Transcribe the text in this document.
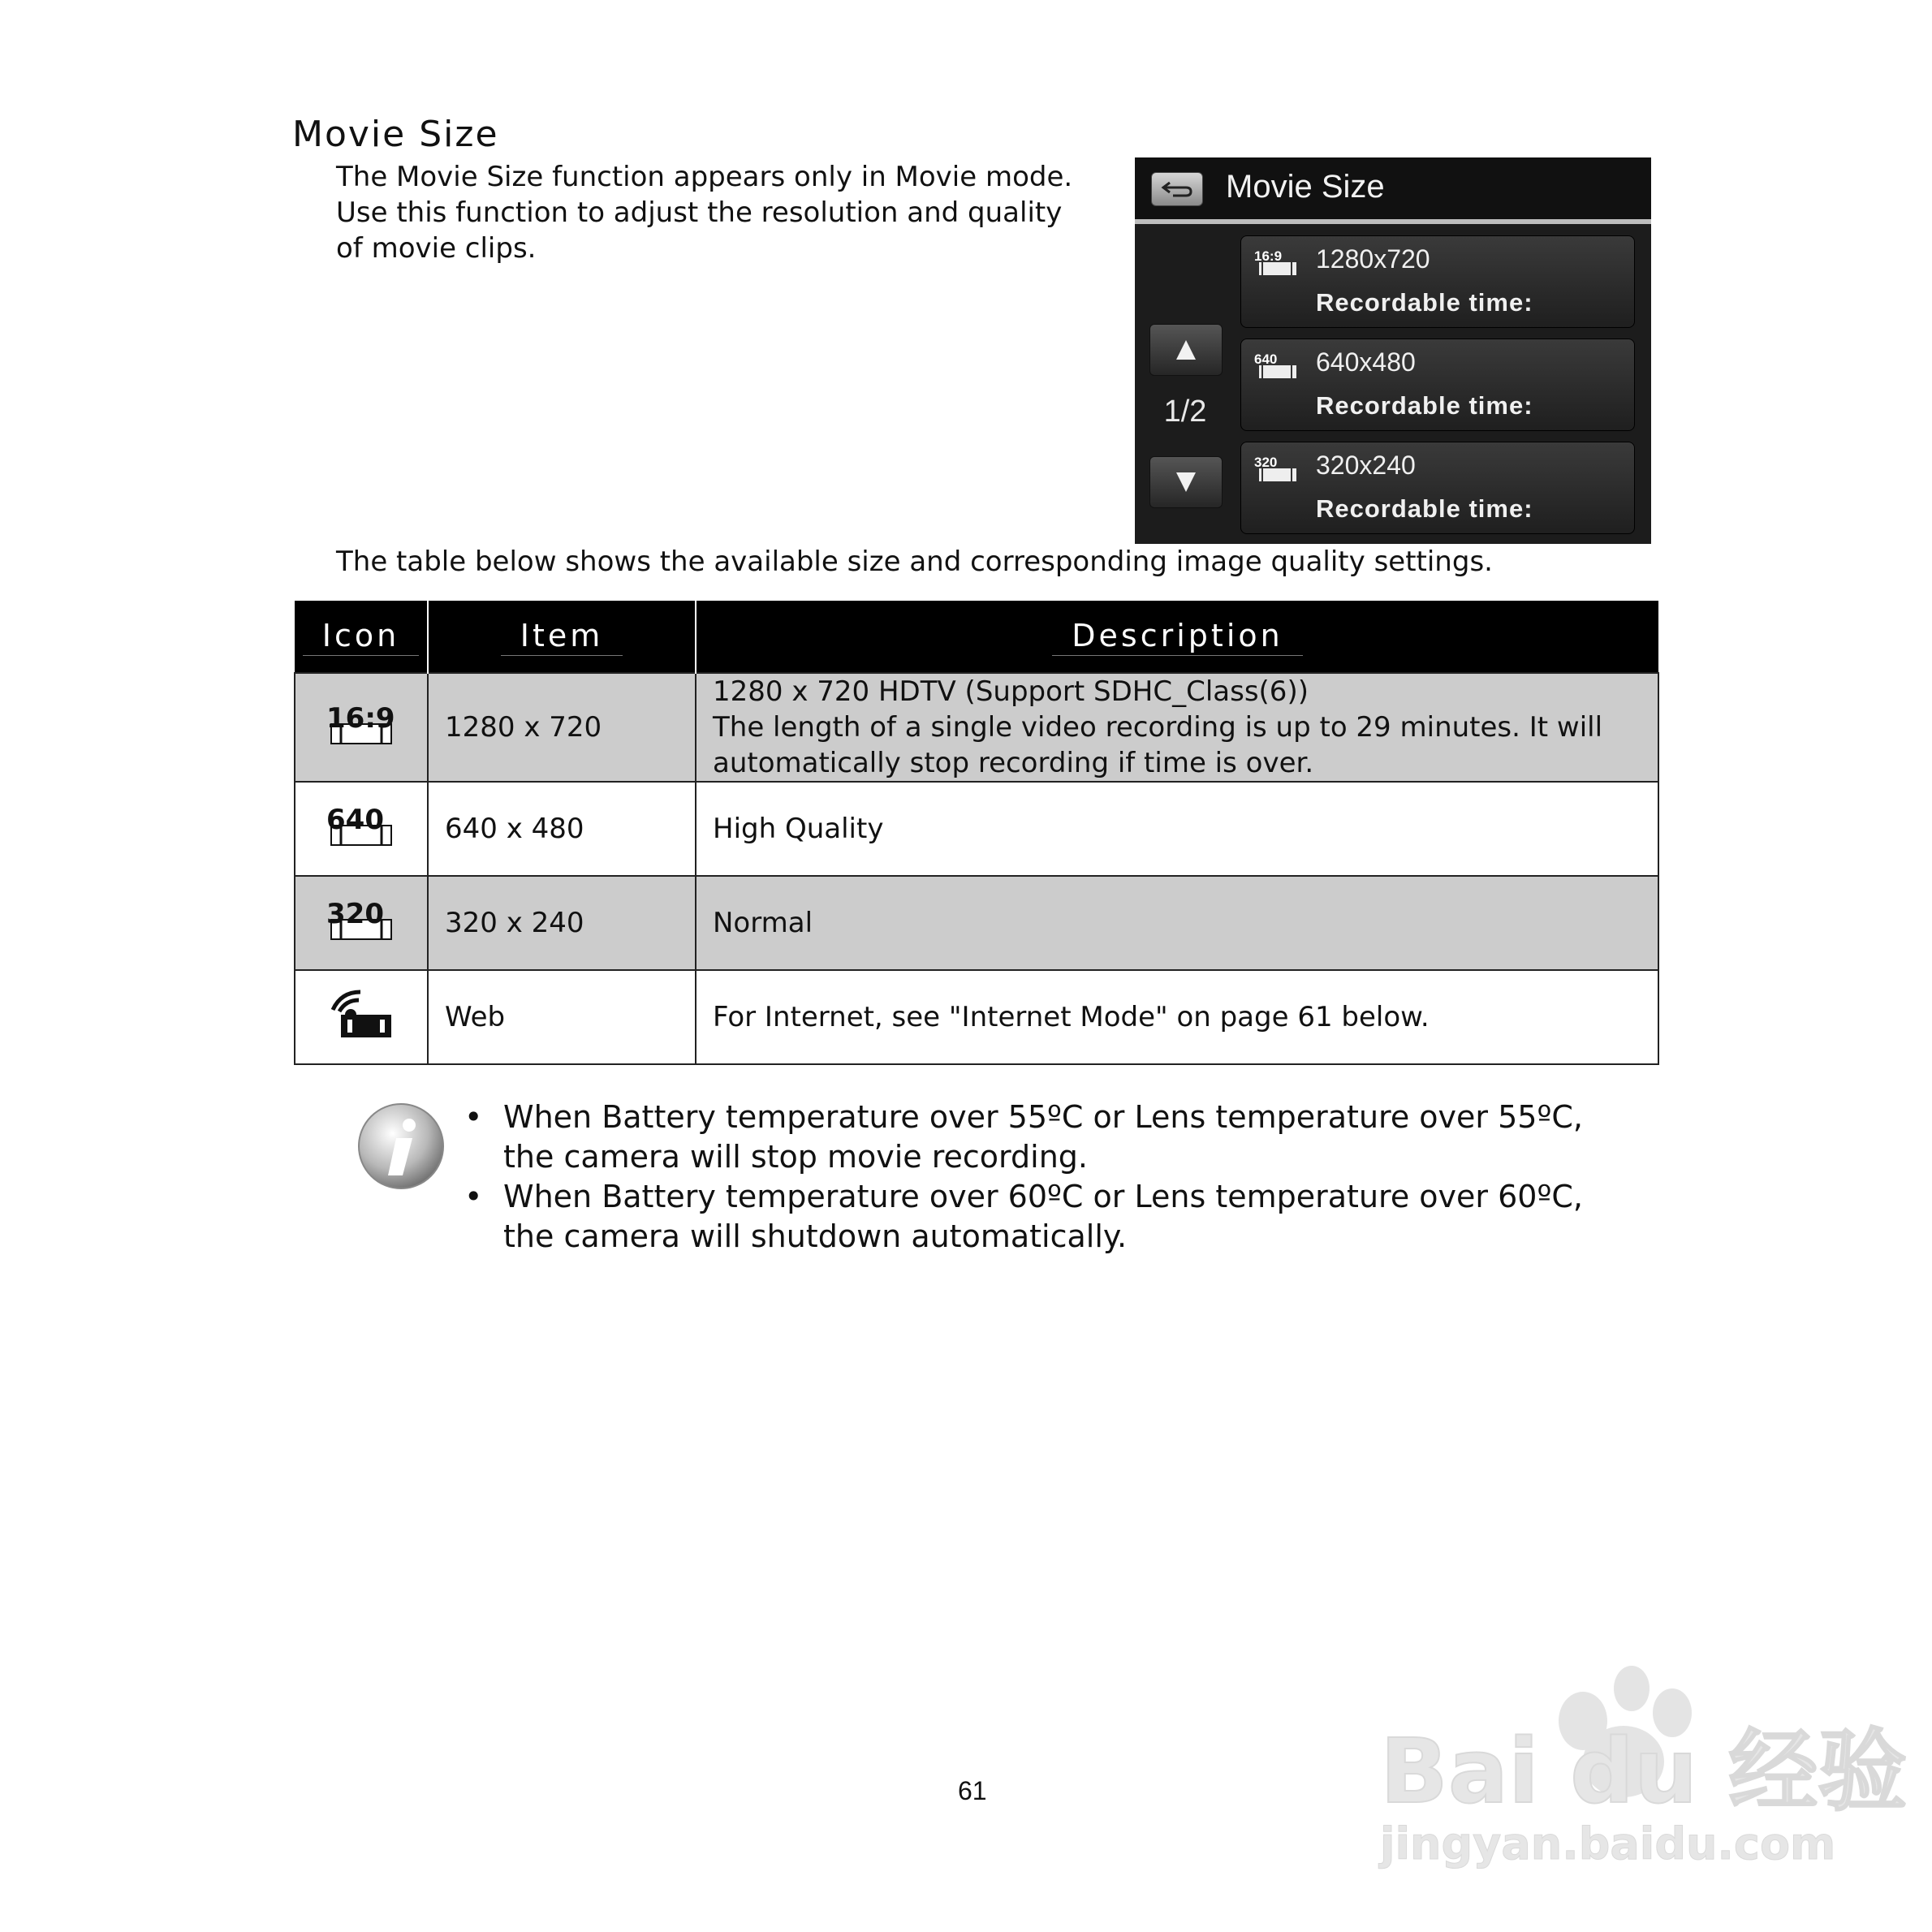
Movie Size
The Movie Size function appears only in Movie mode. Use this function to adjust the resolution and quality of movie clips.
Movie Size
1/2
16:9 1280x720
Recordable time:
640 640x480
Recordable time:
320 320x240
Recordable time:
The table below shows the available size and corresponding image quality settings.
Icon	Item	Description

16:9	1280 x 720	1280 x 720 HDTV (Support SDHC_Class(6))
The length of a single video recording is up to 29 minutes. It will
automatically stop recording if time is over.

640	640 x 480	High Quality

320	320 x 240	Normal
	Web	For Internet, see "Internet Mode" on page 61 below.
• When Battery temperature over 55ºC or Lens temperature over 55ºC,
the camera will stop movie recording.
• When Battery temperature over 60ºC or Lens temperature over 60ºC,
the camera will shutdown automatically.
61	Bai du 经验
jingyan.baidu.com
